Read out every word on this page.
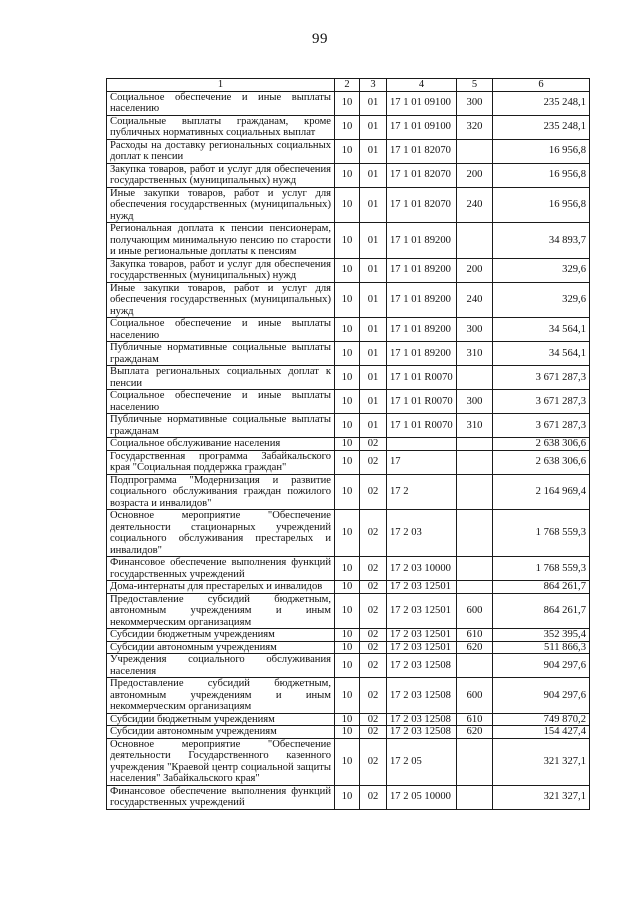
99
1	2	3	4	5	6
Социальное обеспечение и иные выплаты населению	10	01	17 1 01 09100	300	235 248,1
Социальные выплаты гражданам, кроме публичных нормативных социальных выплат	10	01	17 1 01 09100	320	235 248,1
Расходы на доставку региональных социальных доплат к пенсии	10	01	17 1 01 82070		16 956,8
Закупка товаров, работ и услуг для обеспечения государственных (муниципальных) нужд	10	01	17 1 01 82070	200	16 956,8
Иные закупки товаров, работ и услуг для обеспечения государственных (муниципальных) нужд	10	01	17 1 01 82070	240	16 956,8
Региональная доплата к пенсии пенсионерам, получающим минимальную пенсию по старости и иные региональные доплаты к пенсиям	10	01	17 1 01 89200		34 893,7
Закупка товаров, работ и услуг для обеспечения государственных (муниципальных) нужд	10	01	17 1 01 89200	200	329,6
Иные закупки товаров, работ и услуг для обеспечения государственных (муниципальных) нужд	10	01	17 1 01 89200	240	329,6
Социальное обеспечение и иные выплаты населению	10	01	17 1 01 89200	300	34 564,1
Публичные нормативные социальные выплаты гражданам	10	01	17 1 01 89200	310	34 564,1
Выплата региональных социальных доплат к пенсии	10	01	17 1 01 R0070		3 671 287,3
Социальное обеспечение и иные выплаты населению	10	01	17 1 01 R0070	300	3 671 287,3
Публичные нормативные социальные выплаты гражданам	10	01	17 1 01 R0070	310	3 671 287,3
Социальное обслуживание населения	10	02			2 638 306,6
Государственная программа Забайкальского края "Социальная поддержка граждан"	10	02	17		2 638 306,6
Подпрограмма "Модернизация и развитие социального обслуживания граждан пожилого возраста и инвалидов"	10	02	17 2		2 164 969,4
Основное мероприятие "Обеспечение деятельности стационарных учреждений социального обслуживания престарелых и инвалидов"	10	02	17 2 03		1 768 559,3
Финансовое обеспечение выполнения функций государственных учреждений	10	02	17 2 03 10000		1 768 559,3
Дома-интернаты для престарелых и инвалидов	10	02	17 2 03 12501		864 261,7
Предоставление субсидий бюджетным, автономным учреждениям и иным некоммерческим организациям	10	02	17 2 03 12501	600	864 261,7
Субсидии бюджетным учреждениям	10	02	17 2 03 12501	610	352 395,4
Субсидии автономным учреждениям	10	02	17 2 03 12501	620	511 866,3
Учреждения социального обслуживания населения	10	02	17 2 03 12508		904 297,6
Предоставление субсидий бюджетным, автономным учреждениям и иным некоммерческим организациям	10	02	17 2 03 12508	600	904 297,6
Субсидии бюджетным учреждениям	10	02	17 2 03 12508	610	749 870,2
Субсидии автономным учреждениям	10	02	17 2 03 12508	620	154 427,4
Основное мероприятие "Обеспечение деятельности Государственного казенного учреждения "Краевой центр социальной защиты населения" Забайкальского края"	10	02	17 2 05		321 327,1
Финансовое обеспечение выполнения функций государственных учреждений	10	02	17 2 05 10000		321 327,1
